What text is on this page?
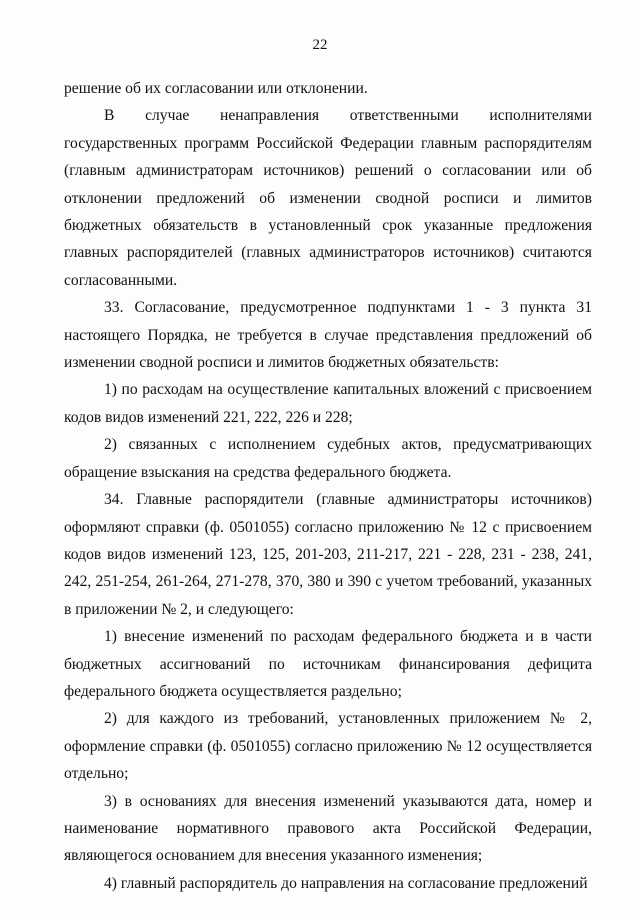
22

решение об их согласовании или отклонении.

В случае ненаправления ответственными исполнителями государственных программ Российской Федерации главным распорядителям (главным администраторам источников) решений о согласовании или об отклонении предложений об изменении сводной росписи и лимитов бюджетных обязательств в установленный срок указанные предложения главных распорядителей (главных администраторов источников) считаются согласованными.

33. Согласование, предусмотренное подпунктами 1 - 3 пункта 31 настоящего Порядка, не требуется в случае представления предложений об изменении сводной росписи и лимитов бюджетных обязательств:

1) по расходам на осуществление капитальных вложений с присвоением кодов видов изменений 221, 222, 226 и 228;

2) связанных с исполнением судебных актов, предусматривающих обращение взыскания на средства федерального бюджета.

34. Главные распорядители (главные администраторы источников) оформляют справки (ф. 0501055) согласно приложению № 12 с присвоением кодов видов изменений 123, 125, 201-203, 211-217, 221 - 228, 231 - 238, 241, 242, 251-254, 261-264, 271-278, 370, 380 и 390 с учетом требований, указанных в приложении № 2, и следующего:

1) внесение изменений по расходам федерального бюджета и в части бюджетных ассигнований по источникам финансирования дефицита федерального бюджета осуществляется раздельно;

2) для каждого из требований, установленных приложением № 2, оформление справки (ф. 0501055) согласно приложению № 12 осуществляется отдельно;

3) в основаниях для внесения изменений указываются дата, номер и наименование нормативного правового акта Российской Федерации, являющегося основанием для внесения указанного изменения;

4) главный распорядитель до направления на согласование предложений
